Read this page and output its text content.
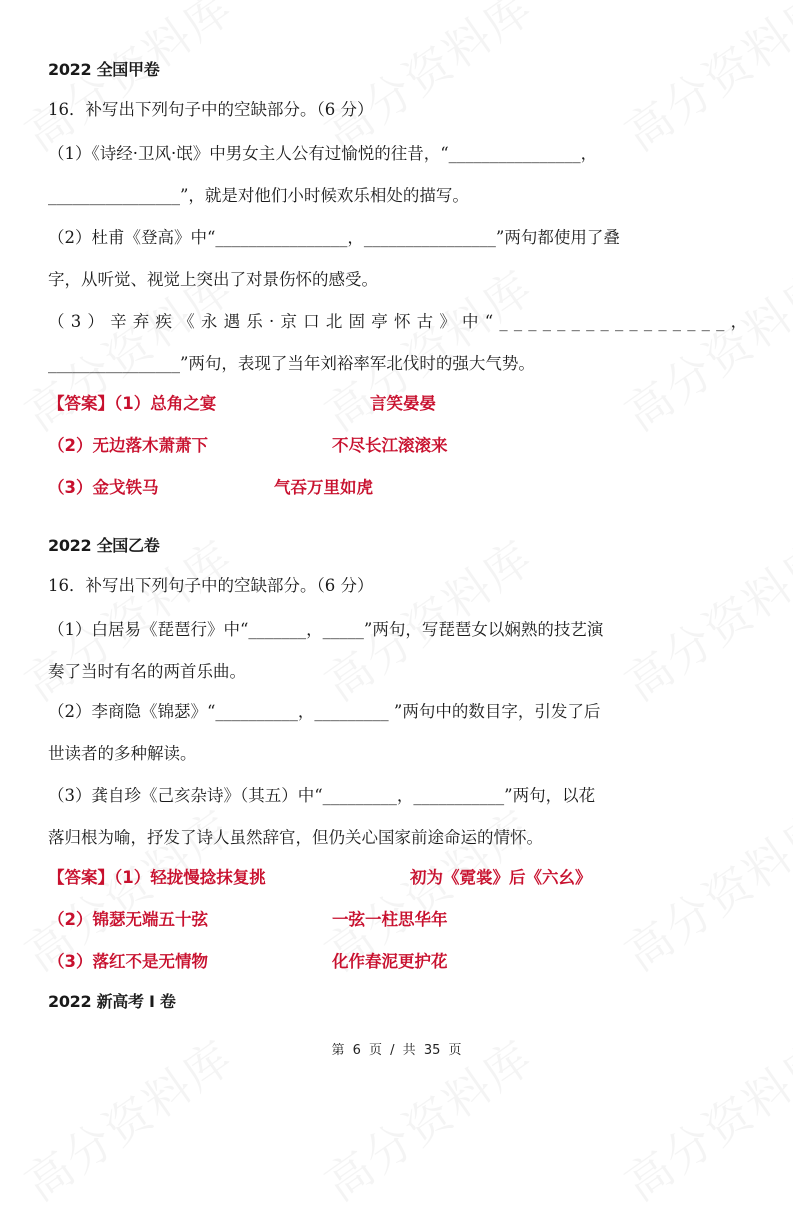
2022 全国甲卷
16．补写出下列句子中的空缺部分。（6 分）
（1）《诗经·卫风·氓》中男女主人公有过愉悦的往昔，“________________，
________________”，就是对他们小时候欢乐相处的描写。
（2）杜甫《登高》中“________________，________________”两句都使用了叠
字，从听觉、视觉上突出了对景伤怀的感受。
（3）辛弃疾《永遇乐·京口北固亭怀古》中“________________，
________________”两句，表现了当年刘裕率军北伐时的强大气势。
【答案】（1）总角之宴	言笑晏晏
（2）无边落木萧萧下	不尽长江滚滚来
（3）金戈铁马	气吞万里如虎
2022 全国乙卷
16．补写出下列句子中的空缺部分。（6 分）
（1）白居易《琵琶行》中“_______，_____”两句，写琵琶女以娴熟的技艺演
奏了当时有名的两首乐曲。
（2）李商隐《锦瑟》“__________，_________ ”两句中的数目字，引发了后
世读者的多种解读。
（3）龚自珍《己亥杂诗》（其五）中“_________，___________”两句，以花
落归根为喻，抒发了诗人虽然辞官，但仍关心国家前途命运的情怀。
【答案】（1）轻拢慢捻抹复挑	初为《霓裳》后《六幺》
（2）锦瑟无端五十弦	一弦一柱思华年
（3）落红不是无情物	化作春泥更护花
2022 新高考 I 卷
第 6 页 / 共 35 页
